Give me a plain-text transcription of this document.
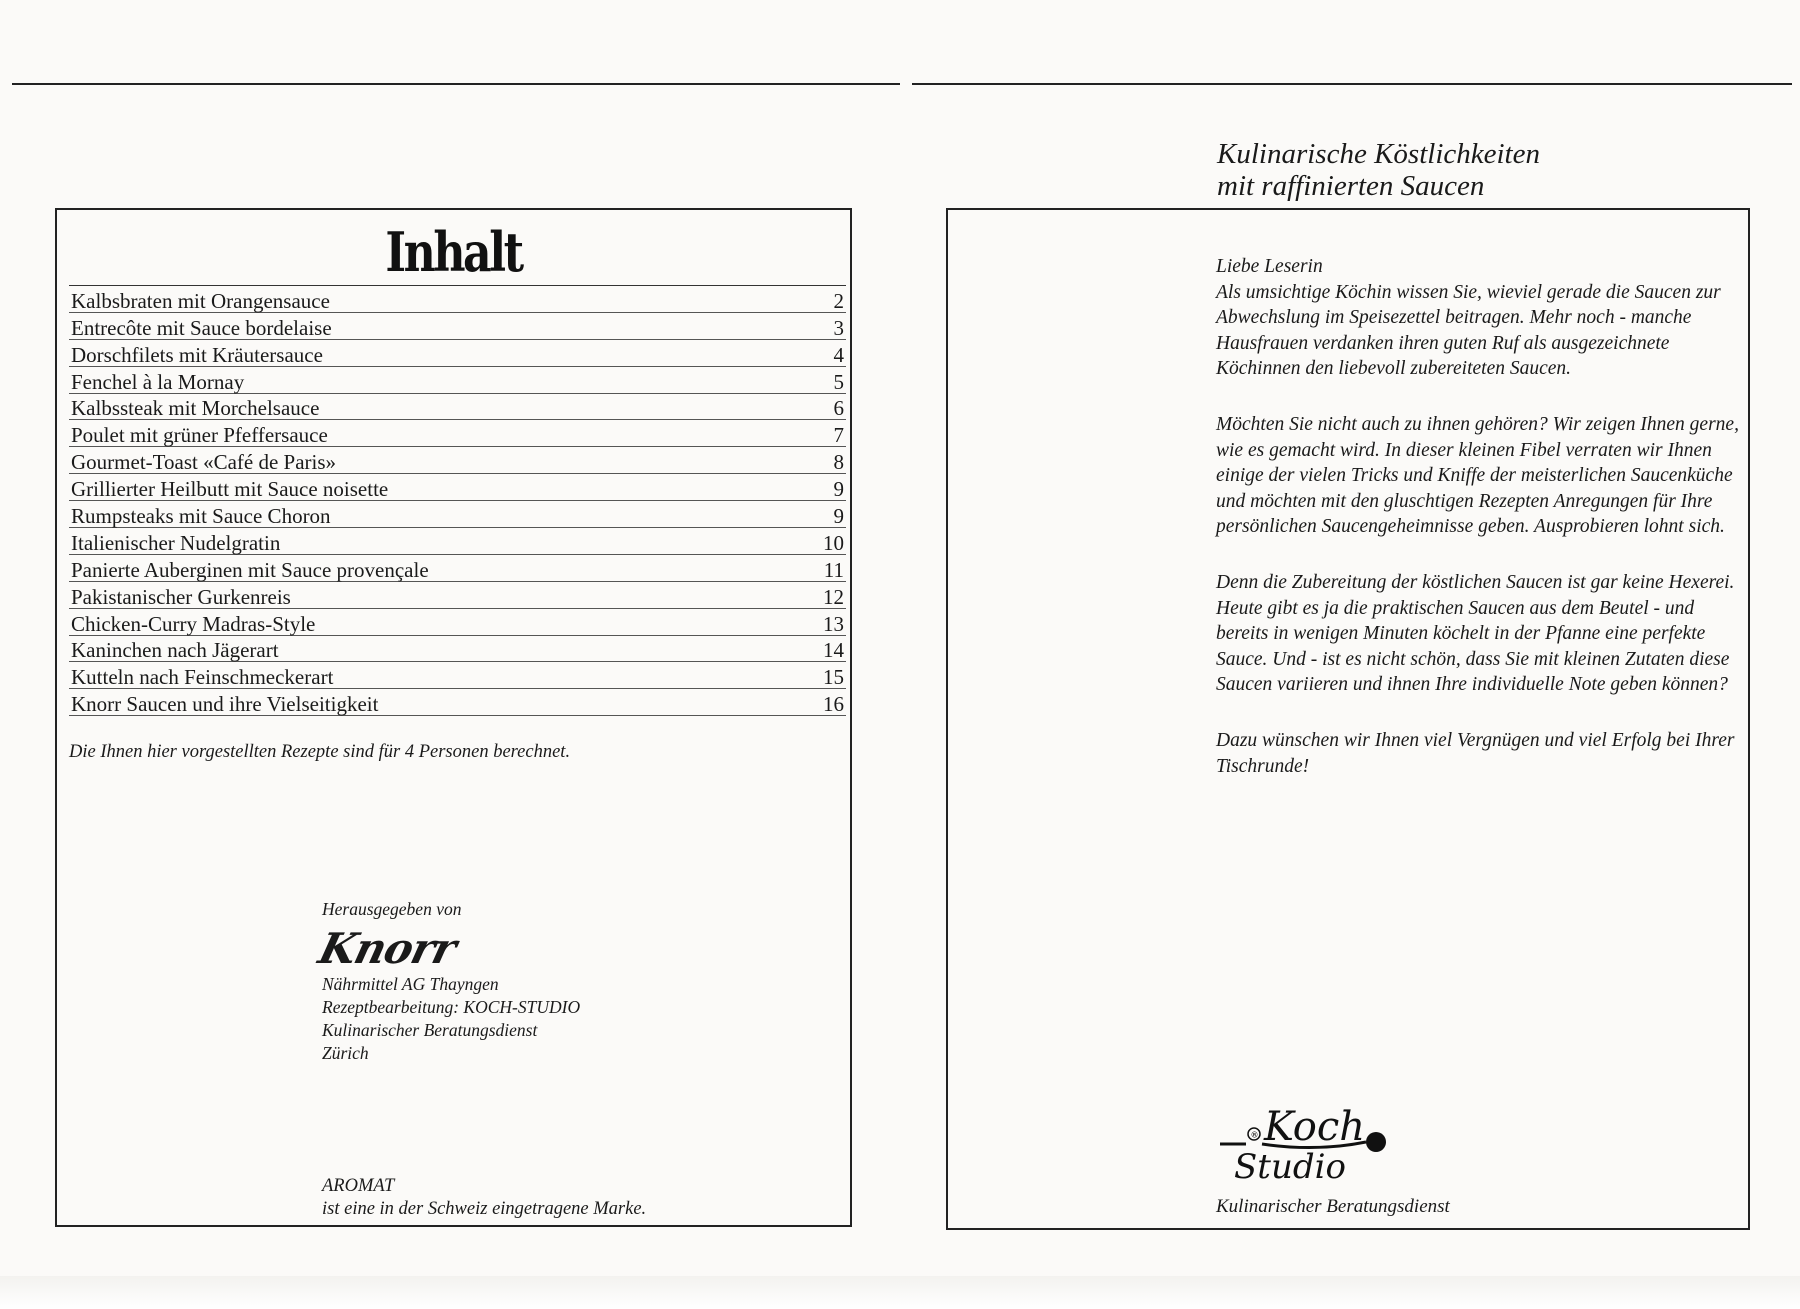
Inhalt
Kalbsbraten mit Orangensauce	2
Entrecôte mit Sauce bordelaise	3
Dorschfilets mit Kräutersauce	4
Fenchel à la Mornay	5
Kalbssteak mit Morchelsauce	6
Poulet mit grüner Pfeffersauce	7
Gourmet-Toast «Café de Paris»	8
Grillierter Heilbutt mit Sauce noisette	9
Rumpsteaks mit Sauce Choron	9
Italienischer Nudelgratin	10
Panierte Auberginen mit Sauce provençale	11
Pakistanischer Gurkenreis	12
Chicken-Curry Madras-Style	13
Kaninchen nach Jägerart	14
Kutteln nach Feinschmeckerart	15
Knorr Saucen und ihre Vielseitigkeit	16
Die Ihnen hier vorgestellten Rezepte sind für 4 Personen berechnet.
Herausgegeben von
Knorr
Nährmittel AG Thayngen
Rezeptbearbeitung: KOCH-STUDIO
Kulinarischer Beratungsdienst
Zürich
AROMAT
ist eine in der Schweiz eingetragene Marke.
Kulinarische Köstlichkeiten
mit raffinierten Saucen

Liebe Leserin
Als umsichtige Köchin wissen Sie, wieviel gerade die Saucen zur Abwechslung im Speisezettel beitragen. Mehr noch - manche Hausfrauen verdanken ihren guten Ruf als ausgezeichnete Köchinnen den liebevoll zubereiteten Saucen.

Möchten Sie nicht auch zu ihnen gehören? Wir zeigen Ihnen gerne, wie es gemacht wird. In dieser kleinen Fibel verraten wir Ihnen einige der vielen Tricks und Kniffe der meisterlichen Saucenküche und möchten mit den gluschtigen Rezepten Anregungen für Ihre persönlichen Saucengeheimnisse geben. Ausprobieren lohnt sich.

Denn die Zubereitung der köstlichen Saucen ist gar keine Hexerei. Heute gibt es ja die praktischen Saucen aus dem Beutel - und bereits in wenigen Minuten köchelt in der Pfanne eine perfekte Sauce. Und - ist es nicht schön, dass Sie mit kleinen Zutaten diese Saucen variieren und ihnen Ihre individuelle Note geben können?

Dazu wünschen wir Ihnen viel Vergnügen und viel Erfolg bei Ihrer Tischrunde!

® Koch
Studio
Kulinarischer Beratungsdienst
